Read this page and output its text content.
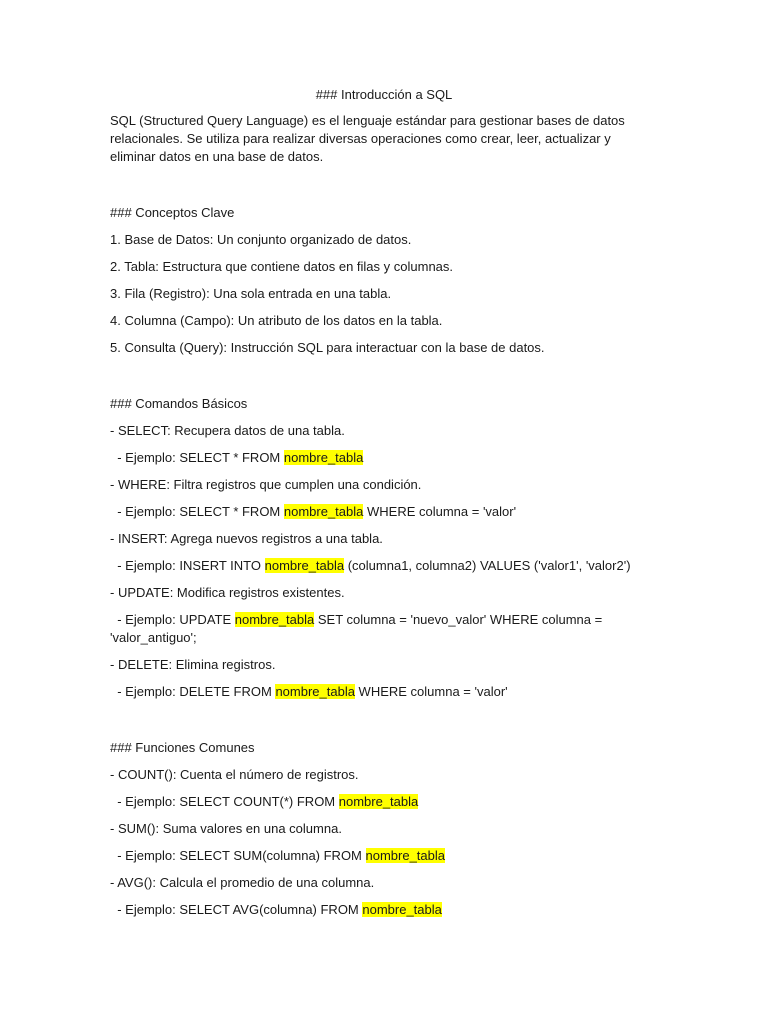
### Introducción a SQL

SQL (Structured Query Language) es el lenguaje estándar para gestionar bases de datos relacionales. Se utiliza para realizar diversas operaciones como crear, leer, actualizar y eliminar datos en una base de datos.

### Conceptos Clave
1. Base de Datos: Un conjunto organizado de datos.
2. Tabla: Estructura que contiene datos en filas y columnas.
3. Fila (Registro): Una sola entrada en una tabla.
4. Columna (Campo): Un atributo de los datos en la tabla.
5. Consulta (Query): Instrucción SQL para interactuar con la base de datos.
### Comandos Básicos
- SELECT: Recupera datos de una tabla.
- Ejemplo: SELECT * FROM nombre_tabla
- WHERE: Filtra registros que cumplen una condición.
- Ejemplo: SELECT * FROM nombre_tabla WHERE columna = 'valor'
- INSERT: Agrega nuevos registros a una tabla.
- Ejemplo: INSERT INTO nombre_tabla (columna1, columna2) VALUES ('valor1', 'valor2')
- UPDATE: Modifica registros existentes.
- Ejemplo: UPDATE nombre_tabla SET columna = 'nuevo_valor' WHERE columna = 'valor_antiguo';
- DELETE: Elimina registros.
- Ejemplo: DELETE FROM nombre_tabla WHERE columna = 'valor'
### Funciones Comunes
- COUNT(): Cuenta el número de registros.
- Ejemplo: SELECT COUNT(*) FROM nombre_tabla
- SUM(): Suma valores en una columna.
- Ejemplo: SELECT SUM(columna) FROM nombre_tabla
- AVG(): Calcula el promedio de una columna.
- Ejemplo: SELECT AVG(columna) FROM nombre_tabla
